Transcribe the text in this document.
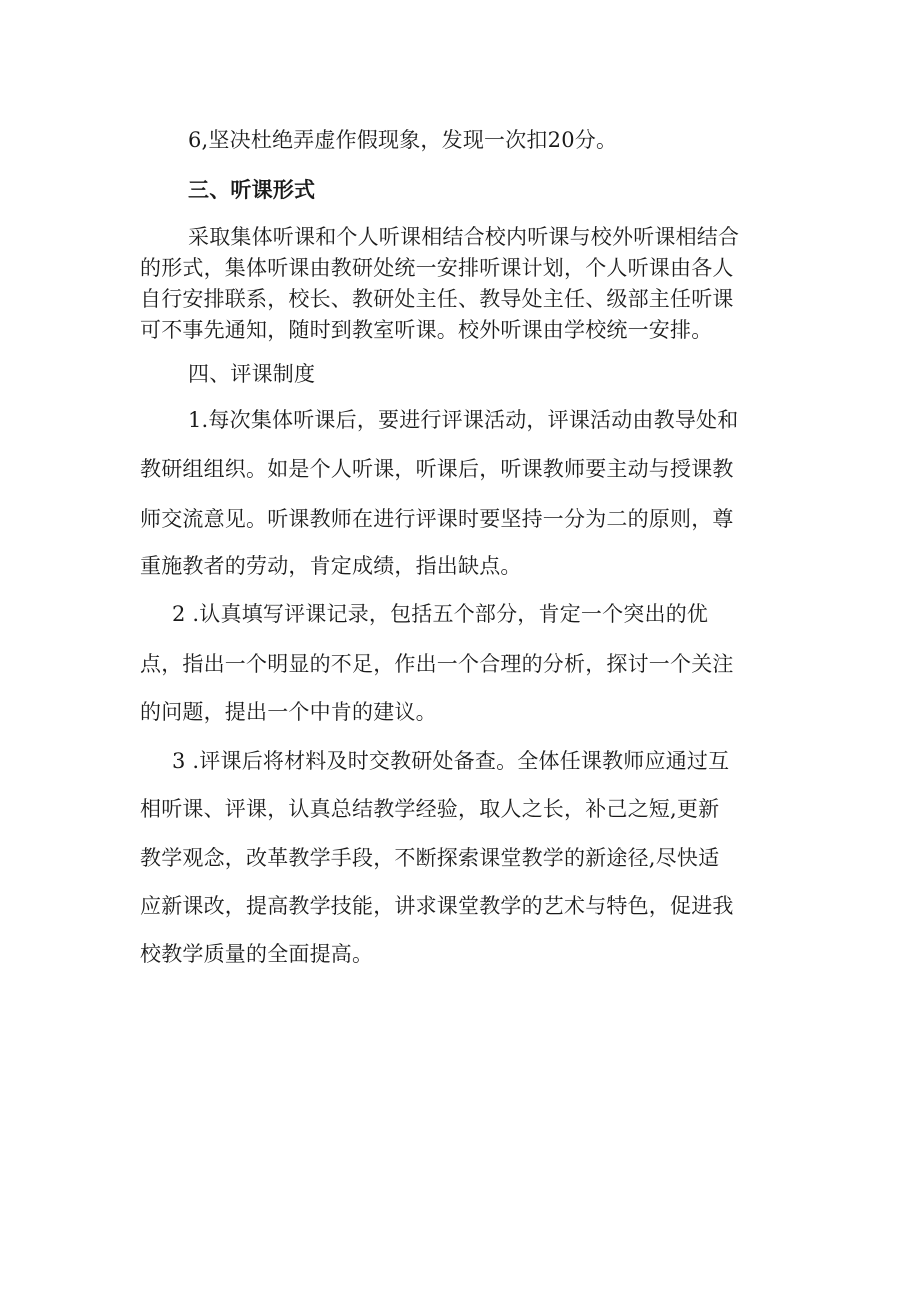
6,坚决杜绝弄虚作假现象，发现一次扣20分。
三、听课形式
采取集体听课和个人听课相结合校内听课与校外听课相结合
的形式，集体听课由教研处统一安排听课计划，个人听课由各人
自行安排联系，校长、教研处主任、教导处主任、级部主任听课
可不事先通知，随时到教室听课。校外听课由学校统一安排。
四、评课制度
1.每次集体听课后，要进行评课活动，评课活动由教导处和
教研组组织。如是个人听课，听课后，听课教师要主动与授课教
师交流意见。听课教师在进行评课时要坚持一分为二的原则，尊
重施教者的劳动，肯定成绩，指出缺点。
2 .认真填写评课记录，包括五个部分，肯定一个突出的优
点，指出一个明显的不足，作出一个合理的分析，探讨一个关注
的问题，提出一个中肯的建议。
3 .评课后将材料及时交教研处备查。全体任课教师应通过互
相听课、评课，认真总结教学经验，取人之长，补己之短,更新
教学观念，改革教学手段，不断探索课堂教学的新途径,尽快适
应新课改，提高教学技能，讲求课堂教学的艺术与特色，促进我
校教学质量的全面提高。
